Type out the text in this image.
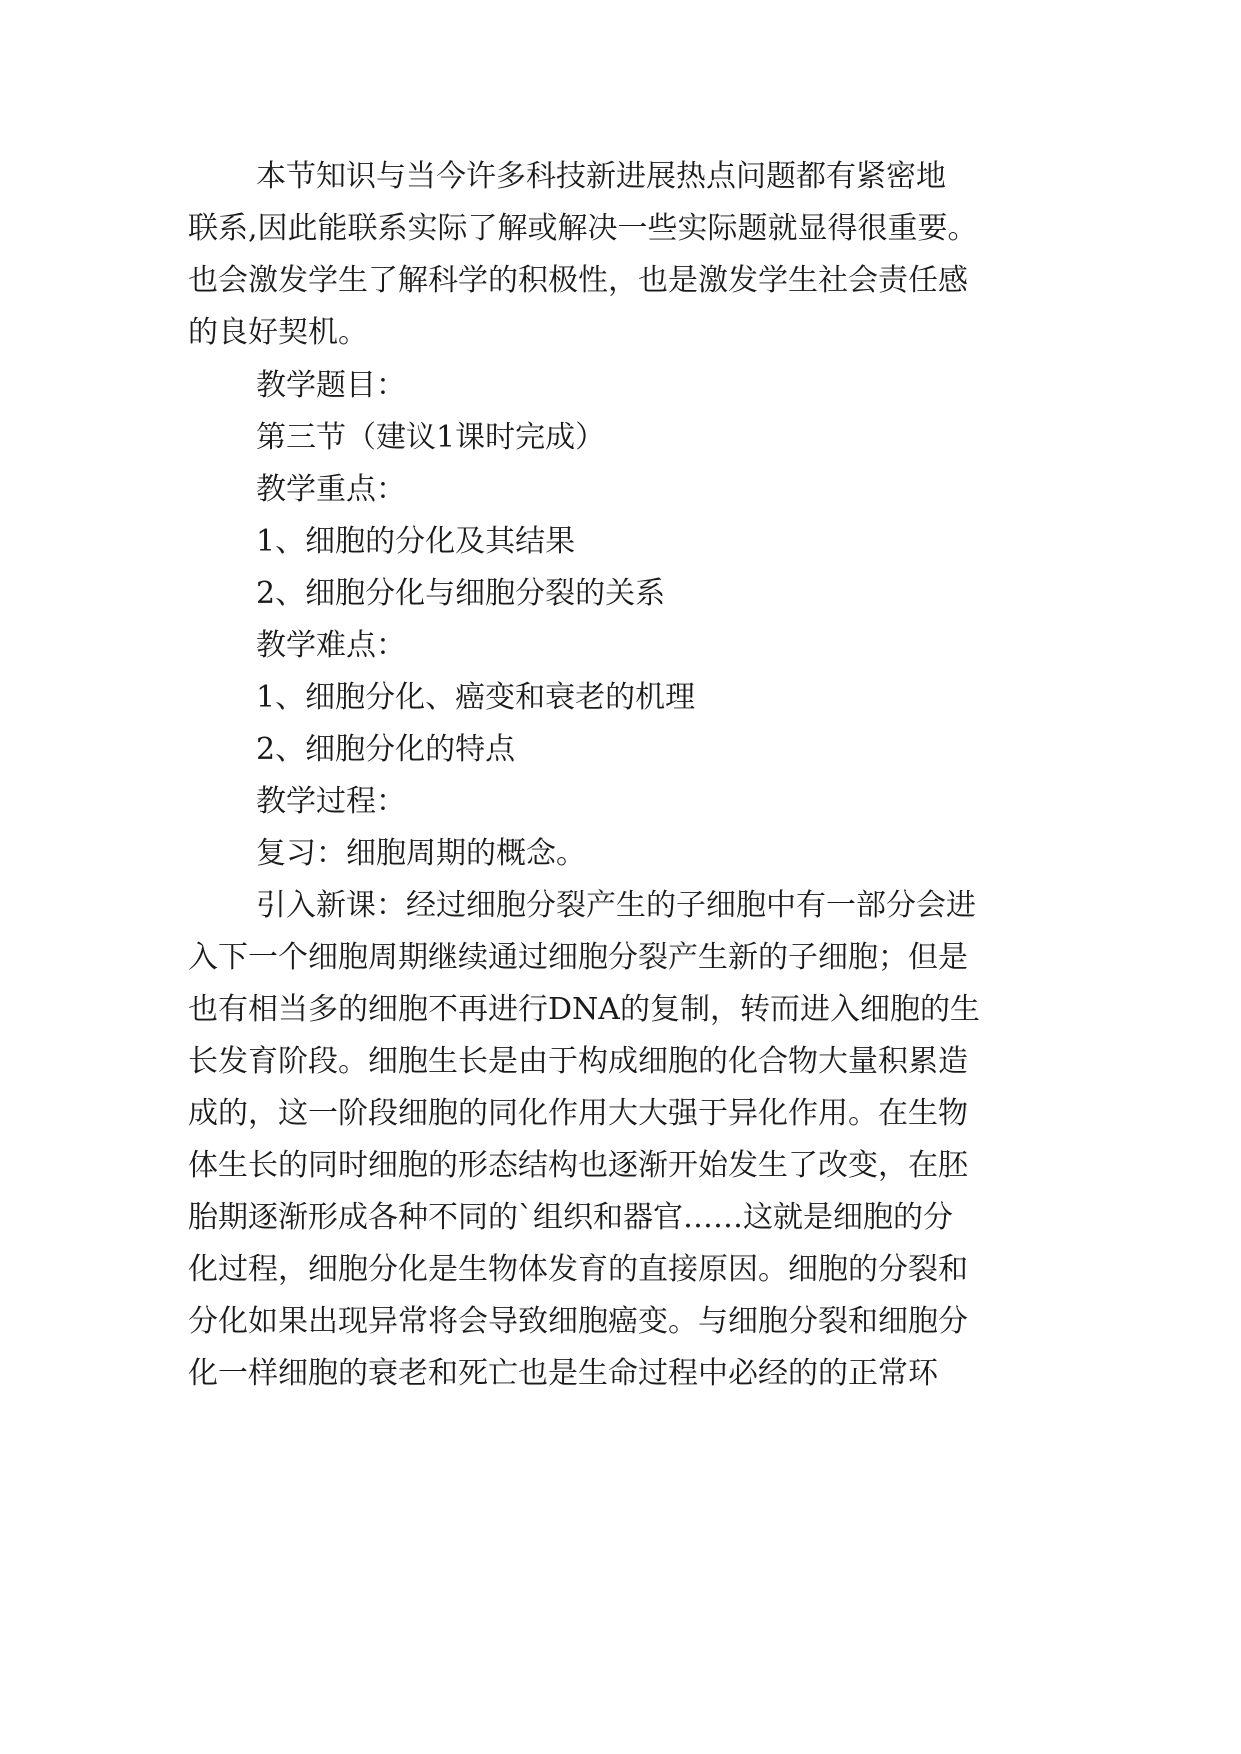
本节知识与当今许多科技新进展热点问题都有紧密地
联系,因此能联系实际了解或解决一些实际题就显得很重要。
也会激发学生了解科学的积极性，也是激发学生社会责任感
的良好契机。
教学题目：
第三节（建议1课时完成）
教学重点：
1、细胞的分化及其结果
2、细胞分化与细胞分裂的关系
教学难点：
1、细胞分化、癌变和衰老的机理
2、细胞分化的特点
教学过程：
复习：细胞周期的概念。
引入新课：经过细胞分裂产生的子细胞中有一部分会进
入下一个细胞周期继续通过细胞分裂产生新的子细胞；但是
也有相当多的细胞不再进行DNA的复制，转而进入细胞的生
长发育阶段。细胞生长是由于构成细胞的化合物大量积累造
成的，这一阶段细胞的同化作用大大强于异化作用。在生物
体生长的同时细胞的形态结构也逐渐开始发生了改变，在胚
胎期逐渐形成各种不同的`组织和器官……这就是细胞的分
化过程，细胞分化是生物体发育的直接原因。细胞的分裂和
分化如果出现异常将会导致细胞癌变。与细胞分裂和细胞分
化一样细胞的衰老和死亡也是生命过程中必经的的正常环
